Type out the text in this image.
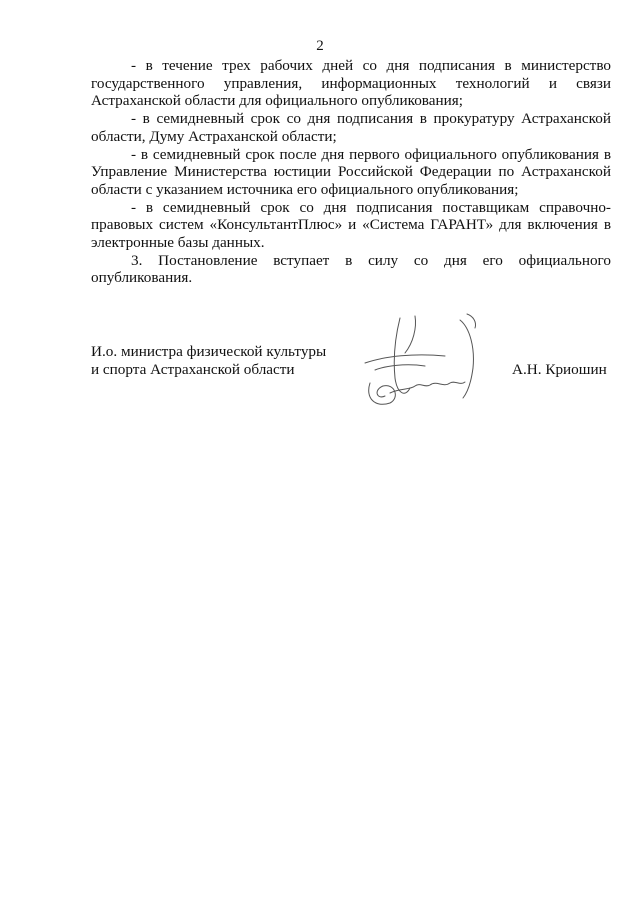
2

- в течение трех рабочих дней со дня подписания в министерство государственного управления, информационных технологий и связи Астраханской области для официального опубликования;

- в семидневный срок со дня подписания в прокуратуру Астраханской области, Думу Астраханской области;

- в семидневный срок после дня первого официального опубликования в Управление Министерства юстиции Российской Федерации по Астраханской области с указанием источника его официального опубликования;

- в семидневный срок со дня подписания поставщикам справочно-правовых систем «КонсультантПлюс» и «Система ГАРАНТ» для включения в электронные базы данных.

3. Постановление вступает в силу со дня его официального опубликования.

И.о. министра физической культуры
и спорта Астраханской области	А.Н. Криошин
